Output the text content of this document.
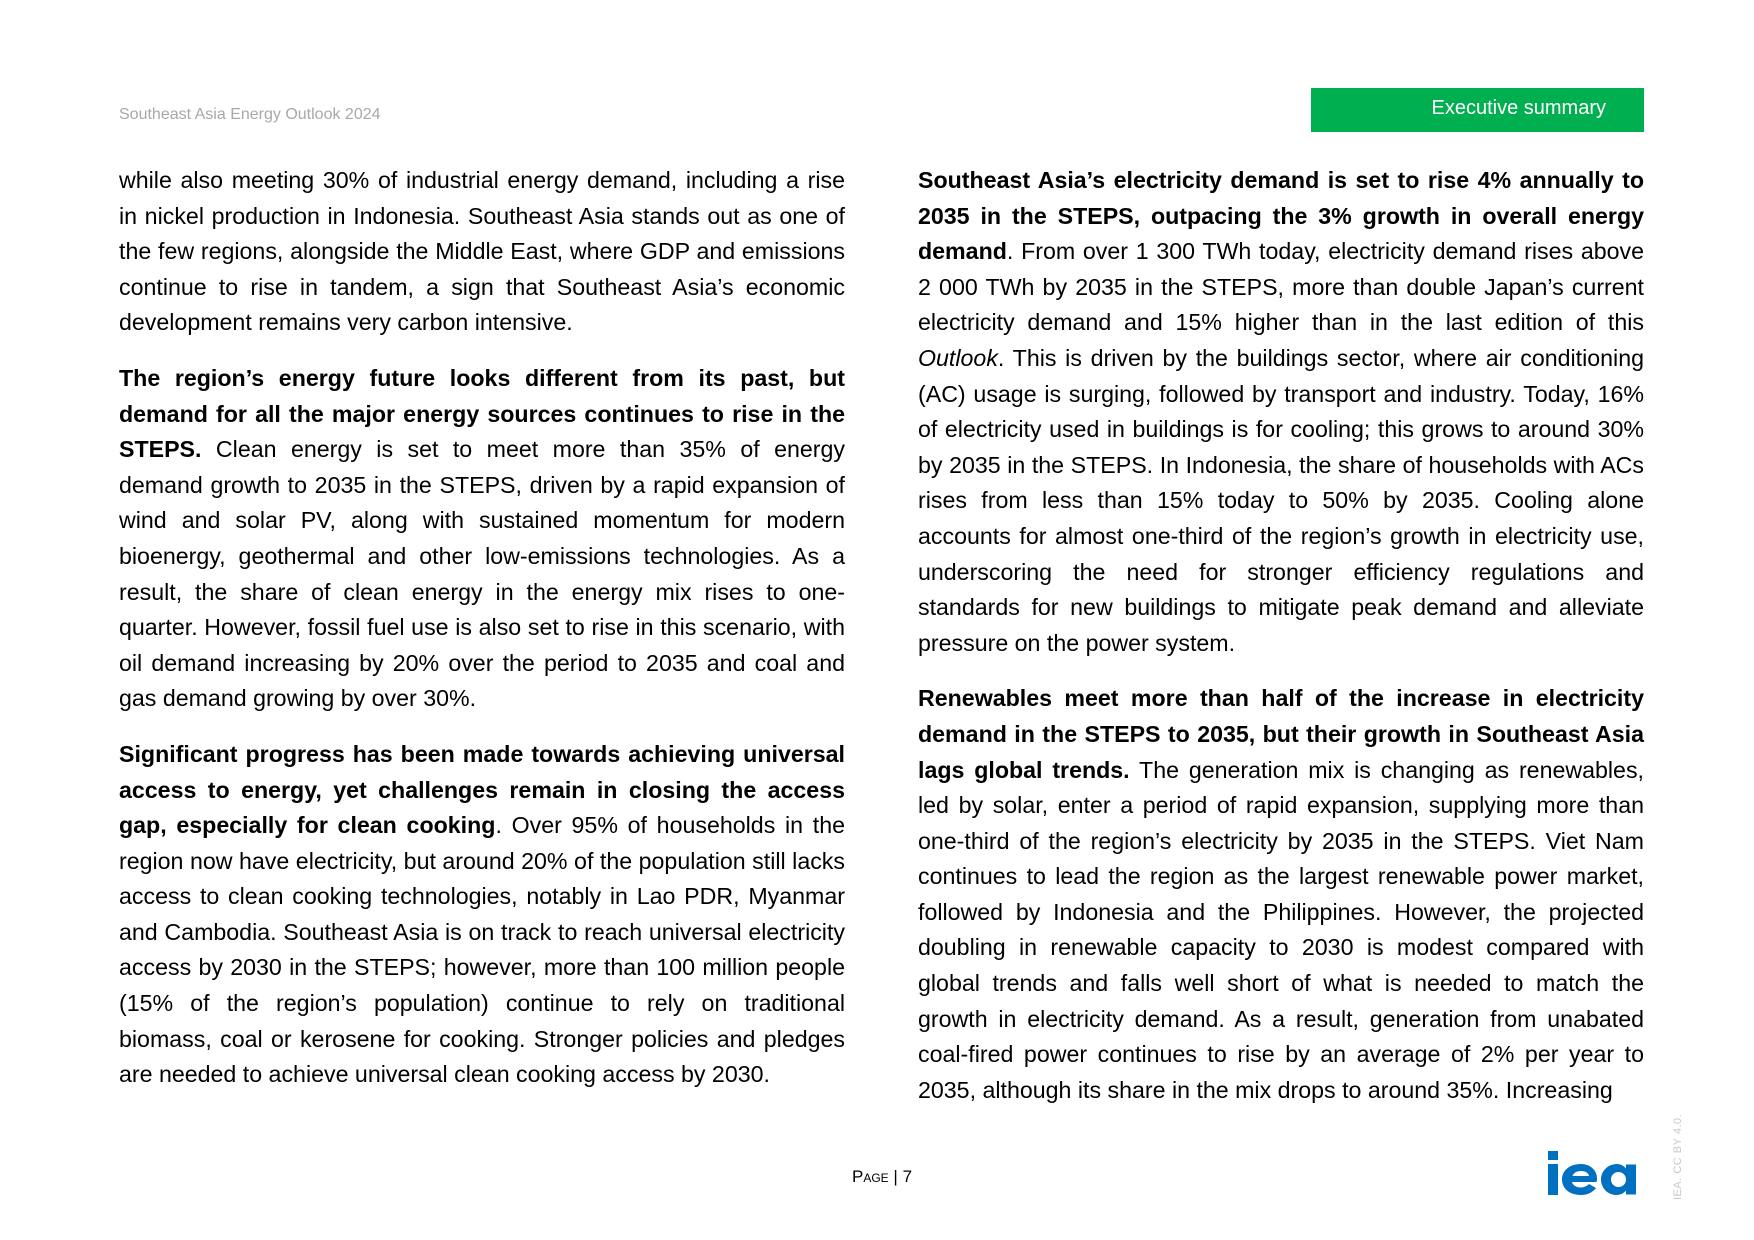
Southeast Asia Energy Outlook 2024	Executive summary

while also meeting 30% of industrial energy demand, including a rise in nickel production in Indonesia. Southeast Asia stands out as one of the few regions, alongside the Middle East, where GDP and emissions continue to rise in tandem, a sign that Southeast Asia’s economic development remains very carbon intensive.

The region’s energy future looks different from its past, but demand for all the major energy sources continues to rise in the STEPS. Clean energy is set to meet more than 35% of energy demand growth to 2035 in the STEPS, driven by a rapid expansion of wind and solar PV, along with sustained momentum for modern bioenergy, geothermal and other low-emissions technologies. As a result, the share of clean energy in the energy mix rises to one-quarter. However, fossil fuel use is also set to rise in this scenario, with oil demand increasing by 20% over the period to 2035 and coal and gas demand growing by over 30%.

Significant progress has been made towards achieving universal access to energy, yet challenges remain in closing the access gap, especially for clean cooking. Over 95% of households in the region now have electricity, but around 20% of the population still lacks access to clean cooking technologies, notably in Lao PDR, Myanmar and Cambodia. Southeast Asia is on track to reach universal electricity access by 2030 in the STEPS; however, more than 100 million people (15% of the region’s population) continue to rely on traditional biomass, coal or kerosene for cooking. Stronger policies and pledges are needed to achieve universal clean cooking access by 2030.

Southeast Asia’s electricity demand is set to rise 4% annually to 2035 in the STEPS, outpacing the 3% growth in overall energy demand. From over 1 300 TWh today, electricity demand rises above 2 000 TWh by 2035 in the STEPS, more than double Japan’s current electricity demand and 15% higher than in the last edition of this Outlook. This is driven by the buildings sector, where air conditioning (AC) usage is surging, followed by transport and industry. Today, 16% of electricity used in buildings is for cooling; this grows to around 30% by 2035 in the STEPS. In Indonesia, the share of households with ACs rises from less than 15% today to 50% by 2035. Cooling alone accounts for almost one-third of the region’s growth in electricity use, underscoring the need for stronger efficiency regulations and standards for new buildings to mitigate peak demand and alleviate pressure on the power system.

Renewables meet more than half of the increase in electricity demand in the STEPS to 2035, but their growth in Southeast Asia lags global trends. The generation mix is changing as renewables, led by solar, enter a period of rapid expansion, supplying more than one-third of the region’s electricity by 2035 in the STEPS. Viet Nam continues to lead the region as the largest renewable power market, followed by Indonesia and the Philippines. However, the projected doubling in renewable capacity to 2030 is modest compared with global trends and falls well short of what is needed to match the growth in electricity demand. As a result, generation from unabated coal-fired power continues to rise by an average of 2% per year to 2035, although its share in the mix drops to around 35%. Increasing

Page | 7	IEA. CC BY 4.0.
